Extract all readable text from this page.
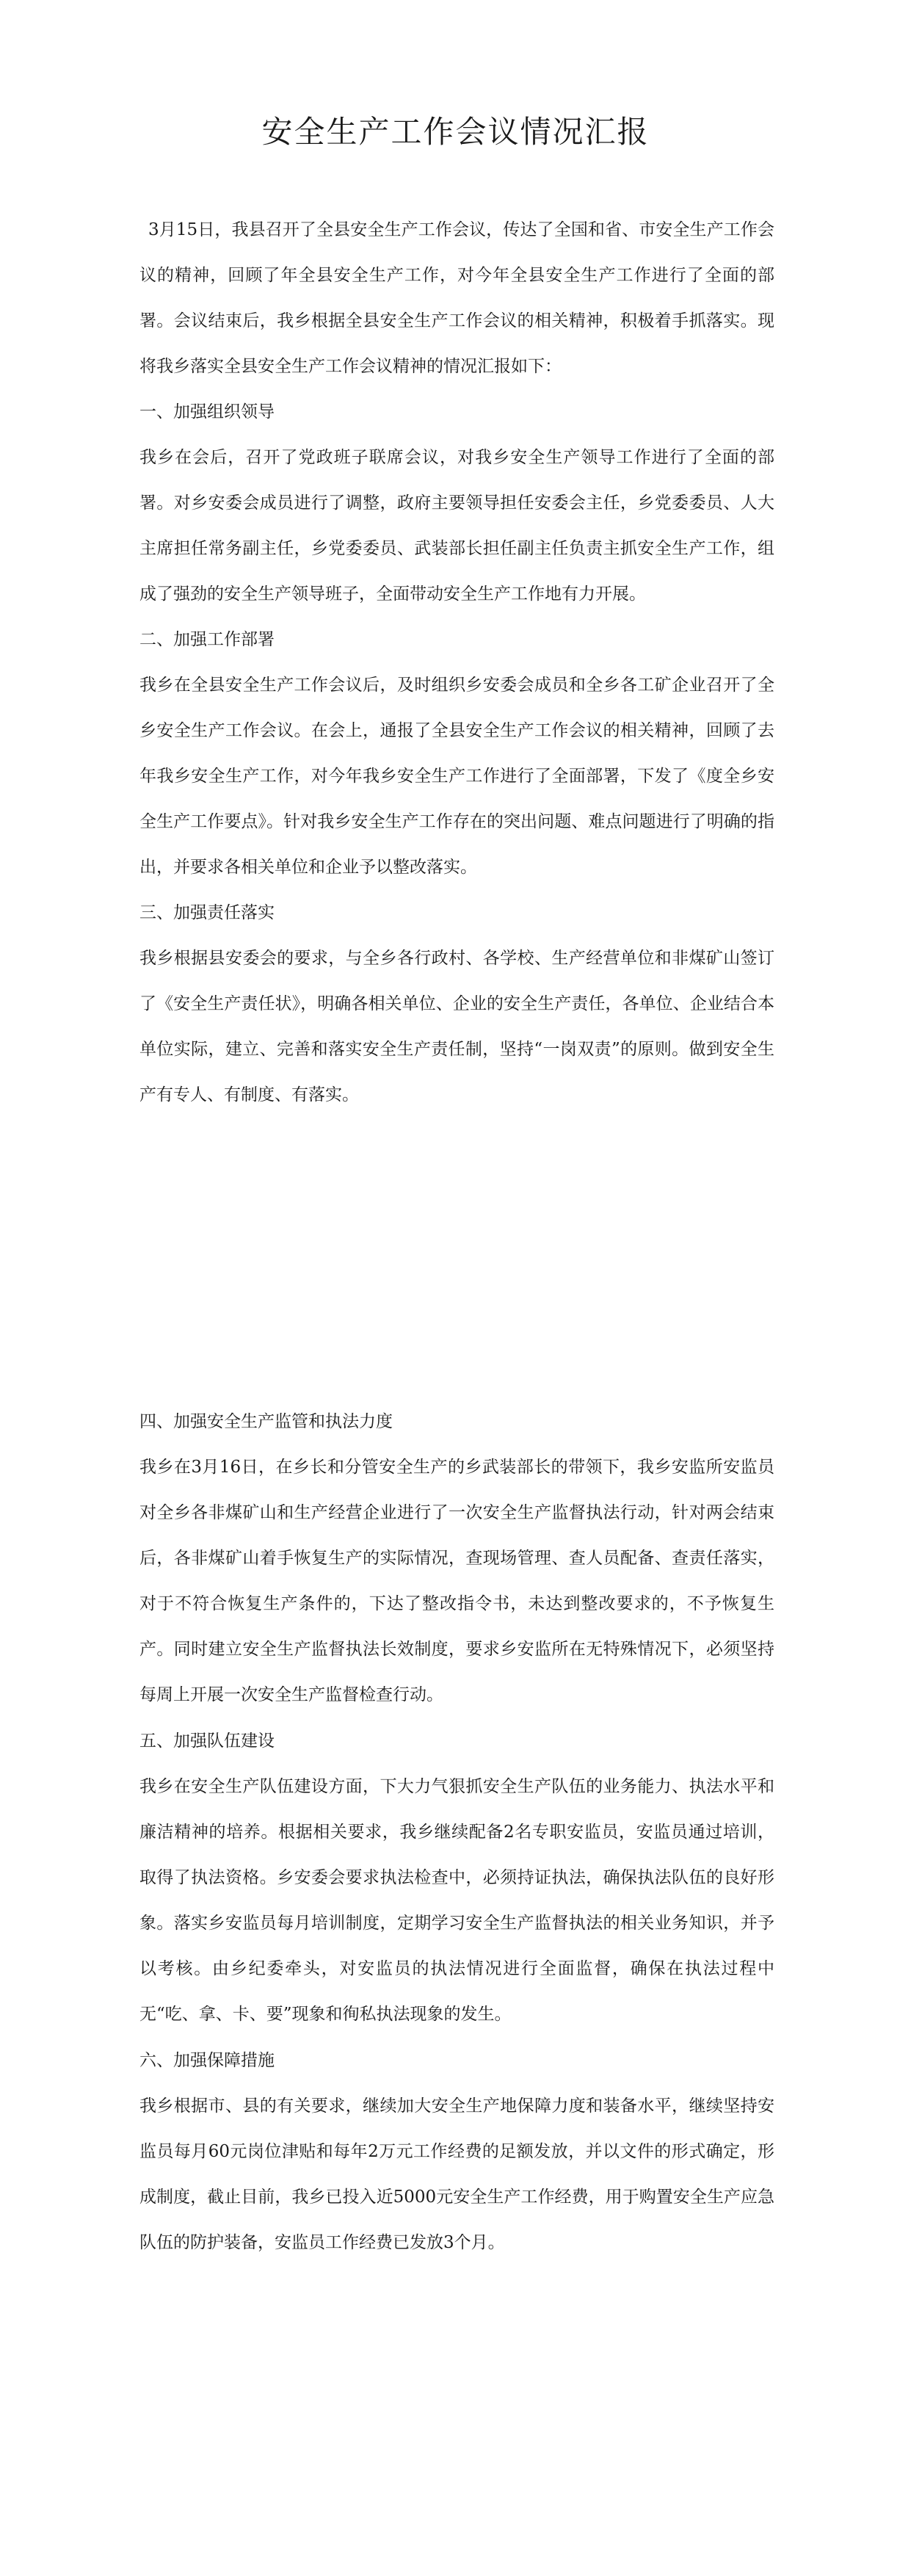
安全生产工作会议情况汇报

3月15日，我县召开了全县安全生产工作会议，传达了全国和省、市安全生产工作会议的精神，回顾了年全县安全生产工作，对今年全县安全生产工作进行了全面的部署。会议结束后，我乡根据全县安全生产工作会议的相关精神，积极着手抓落实。现将我乡落实全县安全生产工作会议精神的情况汇报如下：

一、加强组织领导

我乡在会后，召开了党政班子联席会议，对我乡安全生产领导工作进行了全面的部署。对乡安委会成员进行了调整，政府主要领导担任安委会主任，乡党委委员、人大主席担任常务副主任，乡党委委员、武装部长担任副主任负责主抓安全生产工作，组成了强劲的安全生产领导班子，全面带动安全生产工作地有力开展。

二、加强工作部署

我乡在全县安全生产工作会议后，及时组织乡安委会成员和全乡各工矿企业召开了全乡安全生产工作会议。在会上，通报了全县安全生产工作会议的相关精神，回顾了去年我乡安全生产工作，对今年我乡安全生产工作进行了全面部署，下发了《度全乡安全生产工作要点》。针对我乡安全生产工作存在的突出问题、难点问题进行了明确的指出，并要求各相关单位和企业予以整改落实。

三、加强责任落实

我乡根据县安委会的要求，与全乡各行政村、各学校、生产经营单位和非煤矿山签订了《安全生产责任状》，明确各相关单位、企业的安全生产责任，各单位、企业结合本单位实际，建立、完善和落实安全生产责任制，坚持“一岗双责”的原则。做到安全生产有专人、有制度、有落实。

四、加强安全生产监管和执法力度

我乡在3月16日，在乡长和分管安全生产的乡武装部长的带领下，我乡安监所安监员对全乡各非煤矿山和生产经营企业进行了一次安全生产监督执法行动，针对两会结束后，各非煤矿山着手恢复生产的实际情况，查现场管理、查人员配备、查责任落实，对于不符合恢复生产条件的，下达了整改指令书，未达到整改要求的，不予恢复生产。同时建立安全生产监督执法长效制度，要求乡安监所在无特殊情况下，必须坚持每周上开展一次安全生产监督检查行动。

五、加强队伍建设

我乡在安全生产队伍建设方面，下大力气狠抓安全生产队伍的业务能力、执法水平和廉洁精神的培养。根据相关要求，我乡继续配备2名专职安监员，安监员通过培训，取得了执法资格。乡安委会要求执法检查中，必须持证执法，确保执法队伍的良好形象。落实乡安监员每月培训制度，定期学习安全生产监督执法的相关业务知识，并予以考核。由乡纪委牵头，对安监员的执法情况进行全面监督，确保在执法过程中无“吃、拿、卡、要”现象和徇私执法现象的发生。

六、加强保障措施

我乡根据市、县的有关要求，继续加大安全生产地保障力度和装备水平，继续坚持安监员每月60元岗位津贴和每年2万元工作经费的足额发放，并以文件的形式确定，形成制度，截止目前，我乡已投入近5000元安全生产工作经费，用于购置安全生产应急队伍的防护装备，安监员工作经费已发放3个月。
